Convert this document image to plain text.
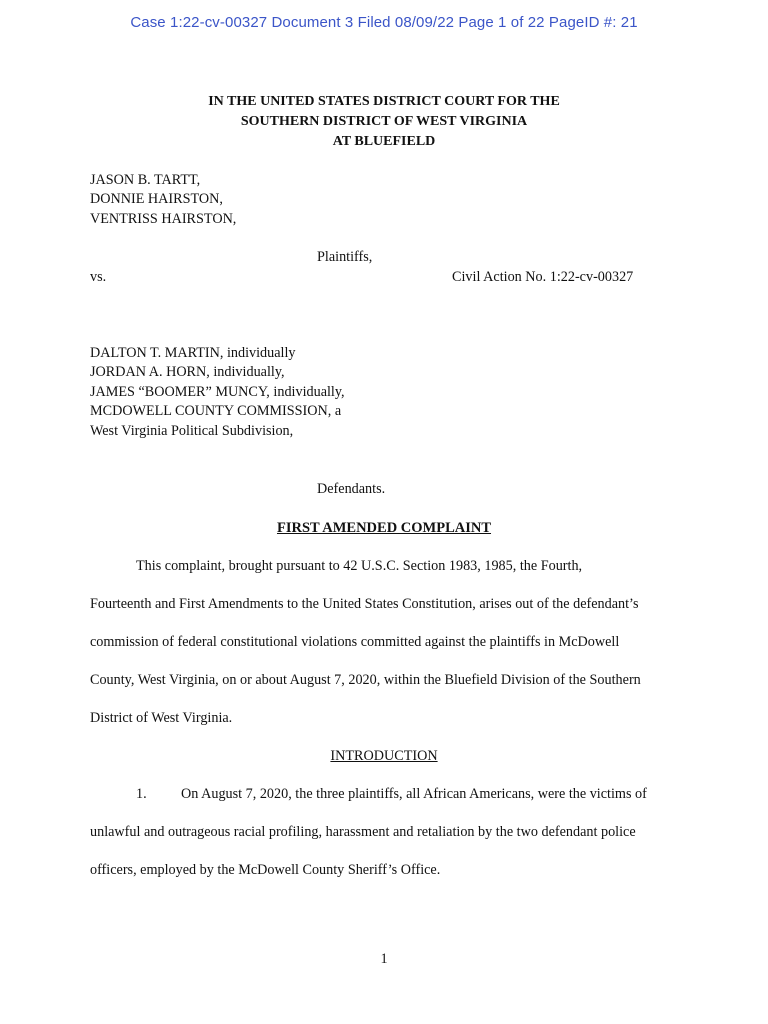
Case 1:22-cv-00327 Document 3 Filed 08/09/22 Page 1 of 22 PageID #: 21
IN THE UNITED STATES DISTRICT COURT FOR THE
SOUTHERN DISTRICT OF WEST VIRGINIA
AT BLUEFIELD
JASON B. TARTT,
DONNIE HAIRSTON,
VENTRISS HAIRSTON,
Plaintiffs,
vs.	Civil Action No. 1:22-cv-00327
DALTON T. MARTIN, individually
JORDAN A. HORN, individually,
JAMES “BOOMER” MUNCY, individually,
MCDOWELL COUNTY COMMISSION, a
West Virginia Political Subdivision,
Defendants.
FIRST AMENDED COMPLAINT
This complaint, brought pursuant to 42 U.S.C. Section 1983, 1985, the Fourth,
Fourteenth and First Amendments to the United States Constitution, arises out of the defendant’s
commission of federal constitutional violations committed against the plaintiffs in McDowell
County, West Virginia, on or about August 7, 2020, within the Bluefield Division of the Southern
District of West Virginia.
INTRODUCTION
1. On August 7, 2020, the three plaintiffs, all African Americans, were the victims of
unlawful and outrageous racial profiling, harassment and retaliation by the two defendant police
officers, employed by the McDowell County Sheriff’s Office.
1
